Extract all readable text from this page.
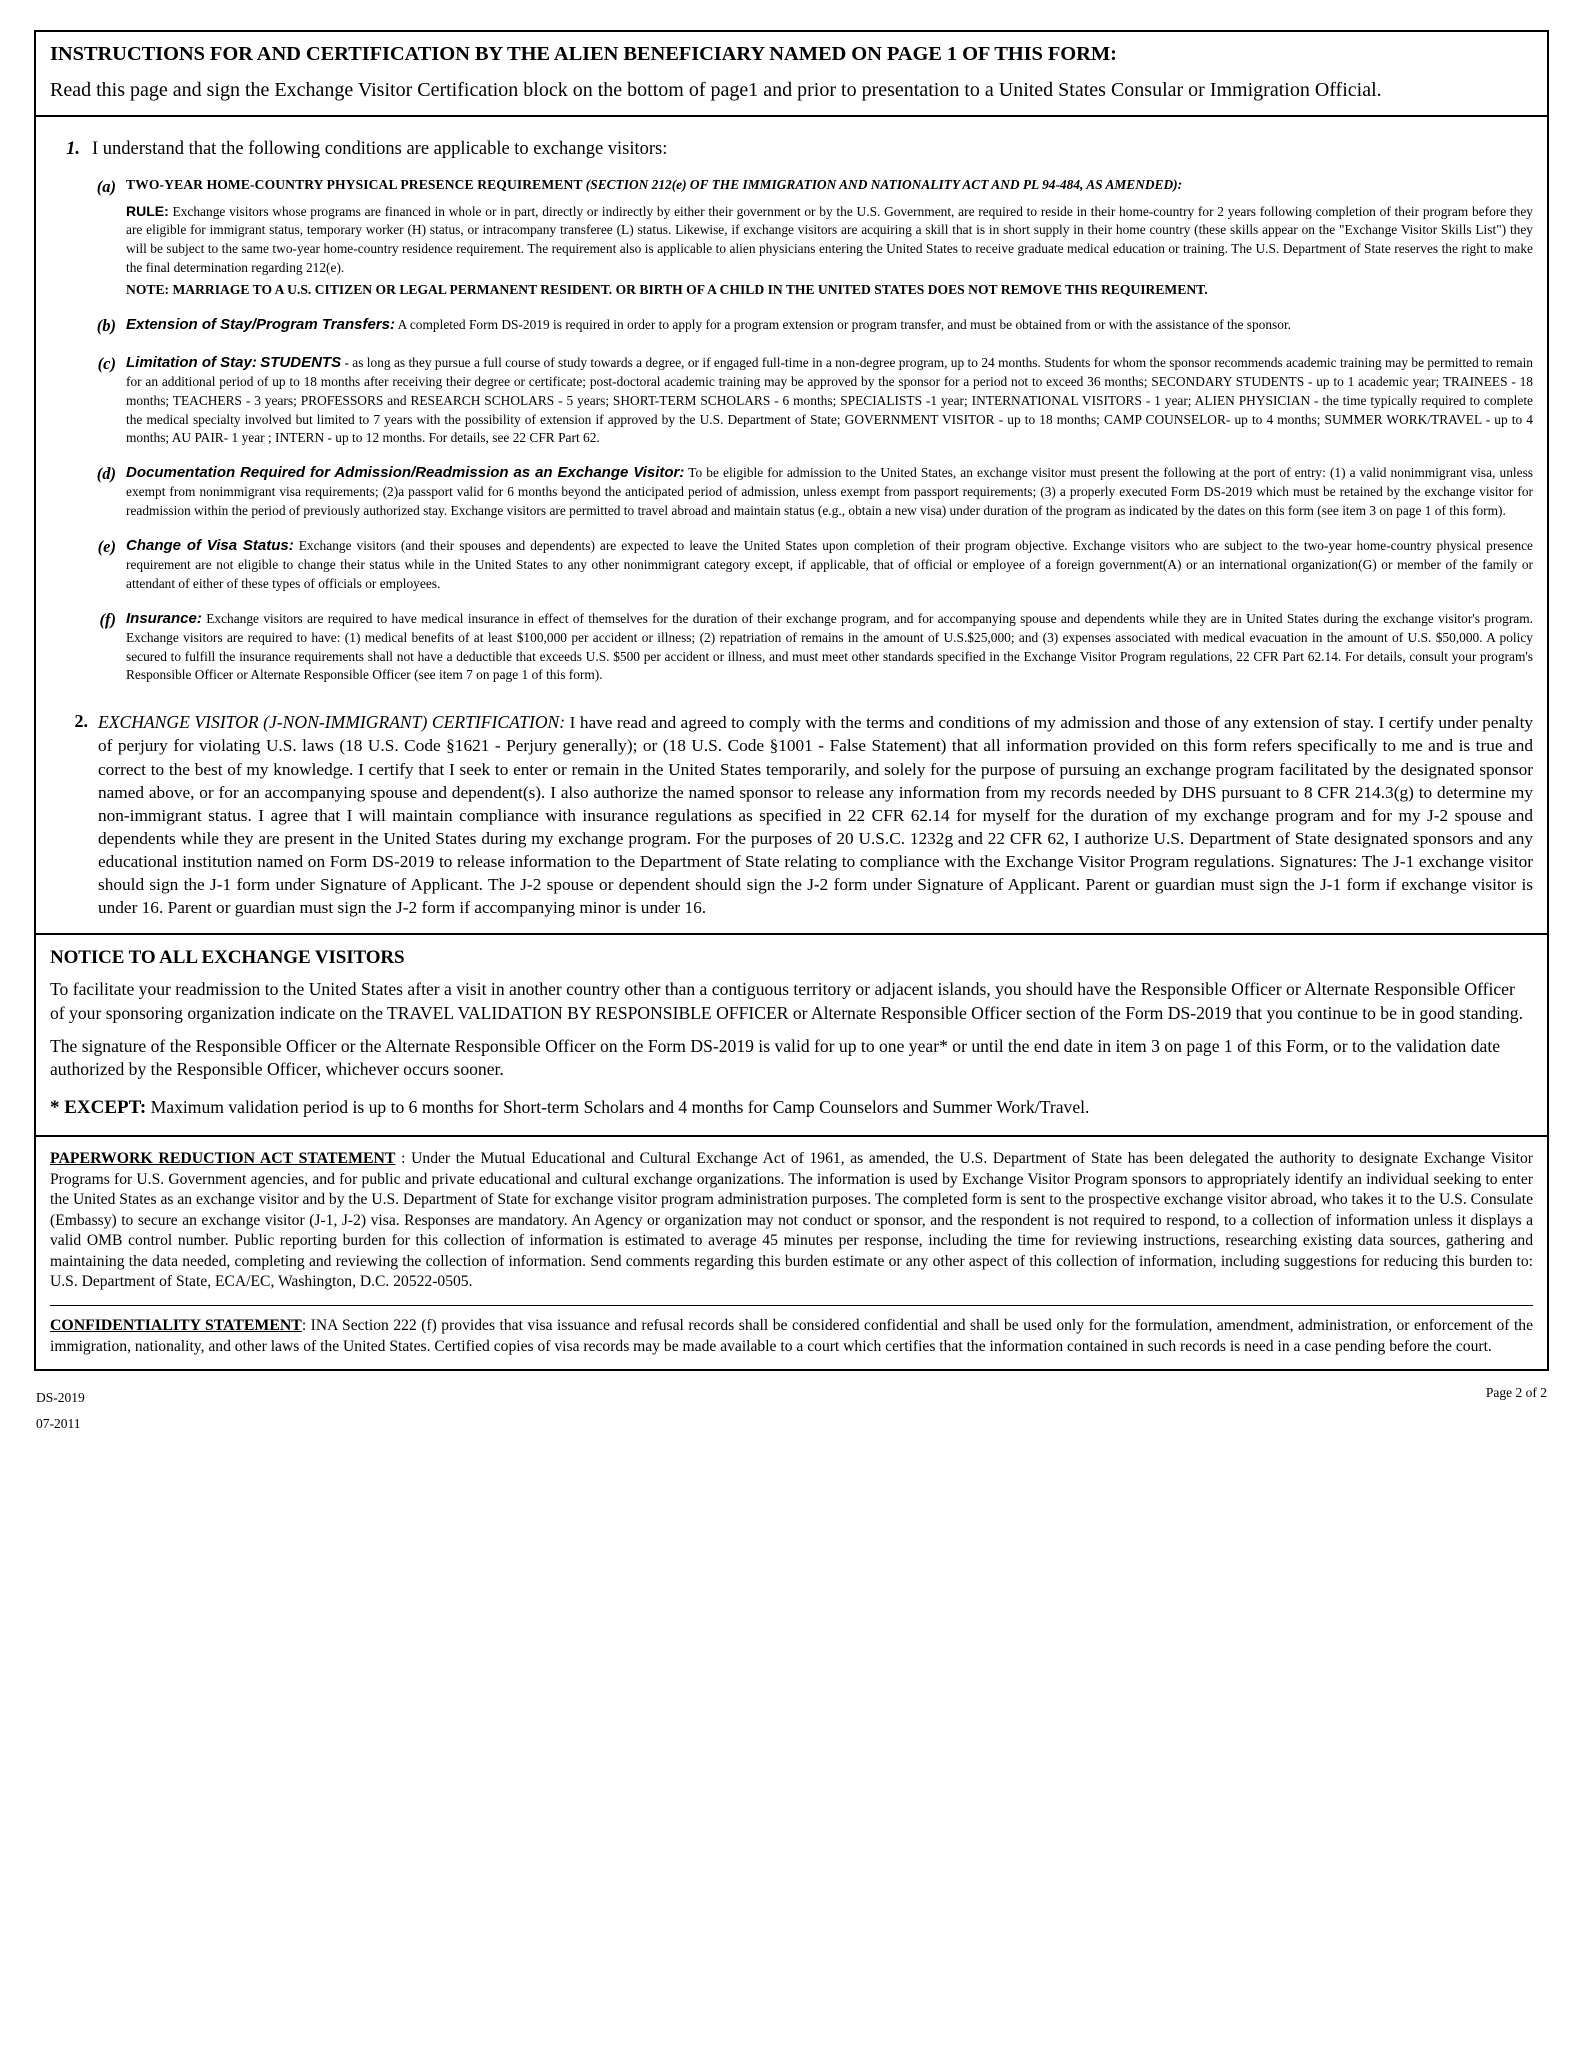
INSTRUCTIONS FOR AND CERTIFICATION BY THE ALIEN BENEFICIARY NAMED ON PAGE 1 OF THIS FORM:
Read this page and sign the Exchange Visitor Certification block on the bottom of page1 and prior to presentation to a United States Consular or Immigration Official.
1. I understand that the following conditions are applicable to exchange visitors:
(a) TWO-YEAR HOME-COUNTRY PHYSICAL PRESENCE REQUIREMENT (SECTION 212(e) OF THE IMMIGRATION AND NATIONALITY ACT AND PL 94-484, AS AMENDED):
RULE: Exchange visitors whose programs are financed in whole or in part, directly or indirectly by either their government or by the U.S. Government, are required to reside in their home-country for 2 years following completion of their program before they are eligible for immigrant status, temporary worker (H) status, or intracompany transferee (L) status. Likewise, if exchange visitors are acquiring a skill that is in short supply in their home country (these skills appear on the "Exchange Visitor Skills List") they will be subject to the same two-year home-country residence requirement. The requirement also is applicable to alien physicians entering the United States to receive graduate medical education or training. The U.S. Department of State reserves the right to make the final determination regarding 212(e).
NOTE: MARRIAGE TO A U.S. CITIZEN OR LEGAL PERMANENT RESIDENT. OR BIRTH OF A CHILD IN THE UNITED STATES DOES NOT REMOVE THIS REQUIREMENT.
(b) Extension of Stay/Program Transfers: A completed Form DS-2019 is required in order to apply for a program extension or program transfer, and must be obtained from or with the assistance of the sponsor.
(c) Limitation of Stay: STUDENTS - as long as they pursue a full course of study towards a degree, or if engaged full-time in a non-degree program, up to 24 months. Students for whom the sponsor recommends academic training may be permitted to remain for an additional period of up to 18 months after receiving their degree or certificate; post-doctoral academic training may be approved by the sponsor for a period not to exceed 36 months; SECONDARY STUDENTS - up to 1 academic year; TRAINEES - 18 months; TEACHERS - 3 years; PROFESSORS and RESEARCH SCHOLARS - 5 years; SHORT-TERM SCHOLARS - 6 months; SPECIALISTS -1 year; INTERNATIONAL VISITORS - 1 year; ALIEN PHYSICIAN - the time typically required to complete the medical specialty involved but limited to 7 years with the possibility of extension if approved by the U.S. Department of State; GOVERNMENT VISITOR - up to 18 months; CAMP COUNSELOR- up to 4 months; SUMMER WORK/TRAVEL - up to 4 months; AU PAIR- 1 year ; INTERN - up to 12 months. For details, see 22 CFR Part 62.
(d) Documentation Required for Admission/Readmission as an Exchange Visitor: To be eligible for admission to the United States, an exchange visitor must present the following at the port of entry: (1) a valid nonimmigrant visa, unless exempt from nonimmigrant visa requirements; (2)a passport valid for 6 months beyond the anticipated period of admission, unless exempt from passport requirements; (3) a properly executed Form DS-2019 which must be retained by the exchange visitor for readmission within the period of previously authorized stay. Exchange visitors are permitted to travel abroad and maintain status (e.g., obtain a new visa) under duration of the program as indicated by the dates on this form (see item 3 on page 1 of this form).
(e) Change of Visa Status: Exchange visitors (and their spouses and dependents) are expected to leave the United States upon completion of their program objective. Exchange visitors who are subject to the two-year home-country physical presence requirement are not eligible to change their status while in the United States to any other nonimmigrant category except, if applicable, that of official or employee of a foreign government(A) or an international organization(G) or member of the family or attendant of either of these types of officials or employees.
(f) Insurance: Exchange visitors are required to have medical insurance in effect of themselves for the duration of their exchange program, and for accompanying spouse and dependents while they are in United States during the exchange visitor's program. Exchange visitors are required to have: (1) medical benefits of at least $100,000 per accident or illness; (2) repatriation of remains in the amount of U.S.$25,000; and (3) expenses associated with medical evacuation in the amount of U.S. $50,000. A policy secured to fulfill the insurance requirements shall not have a deductible that exceeds U.S. $500 per accident or illness, and must meet other standards specified in the Exchange Visitor Program regulations, 22 CFR Part 62.14. For details, consult your program's Responsible Officer or Alternate Responsible Officer (see item 7 on page 1 of this form).
2. EXCHANGE VISITOR (J-NON-IMMIGRANT) CERTIFICATION: I have read and agreed to comply with the terms and conditions of my admission and those of any extension of stay. I certify under penalty of perjury for violating U.S. laws (18 U.S. Code §1621 - Perjury generally); or (18 U.S. Code §1001 - False Statement) that all information provided on this form refers specifically to me and is true and correct to the best of my knowledge. I certify that I seek to enter or remain in the United States temporarily, and solely for the purpose of pursuing an exchange program facilitated by the designated sponsor named above, or for an accompanying spouse and dependent(s). I also authorize the named sponsor to release any information from my records needed by DHS pursuant to 8 CFR 214.3(g) to determine my non-immigrant status. I agree that I will maintain compliance with insurance regulations as specified in 22 CFR 62.14 for myself for the duration of my exchange program and for my J-2 spouse and dependents while they are present in the United States during my exchange program. For the purposes of 20 U.S.C. 1232g and 22 CFR 62, I authorize U.S. Department of State designated sponsors and any educational institution named on Form DS-2019 to release information to the Department of State relating to compliance with the Exchange Visitor Program regulations. Signatures: The J-1 exchange visitor should sign the J-1 form under Signature of Applicant. The J-2 spouse or dependent should sign the J-2 form under Signature of Applicant. Parent or guardian must sign the J-1 form if exchange visitor is under 16. Parent or guardian must sign the J-2 form if accompanying minor is under 16.
NOTICE TO ALL EXCHANGE VISITORS
To facilitate your readmission to the United States after a visit in another country other than a contiguous territory or adjacent islands, you should have the Responsible Officer or Alternate Responsible Officer of your sponsoring organization indicate on the TRAVEL VALIDATION BY RESPONSIBLE OFFICER or Alternate Responsible Officer section of the Form DS-2019 that you continue to be in good standing.
The signature of the Responsible Officer or the Alternate Responsible Officer on the Form DS-2019 is valid for up to one year* or until the end date in item 3 on page 1 of this Form, or to the validation date authorized by the Responsible Officer, whichever occurs sooner.
* EXCEPT: Maximum validation period is up to 6 months for Short-term Scholars and 4 months for Camp Counselors and Summer Work/Travel.
PAPERWORK REDUCTION ACT STATEMENT : Under the Mutual Educational and Cultural Exchange Act of 1961, as amended, the U.S. Department of State has been delegated the authority to designate Exchange Visitor Programs for U.S. Government agencies, and for public and private educational and cultural exchange organizations. The information is used by Exchange Visitor Program sponsors to appropriately identify an individual seeking to enter the United States as an exchange visitor and by the U.S. Department of State for exchange visitor program administration purposes. The completed form is sent to the prospective exchange visitor abroad, who takes it to the U.S. Consulate (Embassy) to secure an exchange visitor (J-1, J-2) visa. Responses are mandatory. An Agency or organization may not conduct or sponsor, and the respondent is not required to respond, to a collection of information unless it displays a valid OMB control number. Public reporting burden for this collection of information is estimated to average 45 minutes per response, including the time for reviewing instructions, researching existing data sources, gathering and maintaining the data needed, completing and reviewing the collection of information. Send comments regarding this burden estimate or any other aspect of this collection of information, including suggestions for reducing this burden to: U.S. Department of State, ECA/EC, Washington, D.C. 20522-0505.
CONFIDENTIALITY STATEMENT: INA Section 222 (f) provides that visa issuance and refusal records shall be considered confidential and shall be used only for the formulation, amendment, administration, or enforcement of the immigration, nationality, and other laws of the United States. Certified copies of visa records may be made available to a court which certifies that the information contained in such records is need in a case pending before the court.
DS-2019
07-2011
Page 2 of 2
